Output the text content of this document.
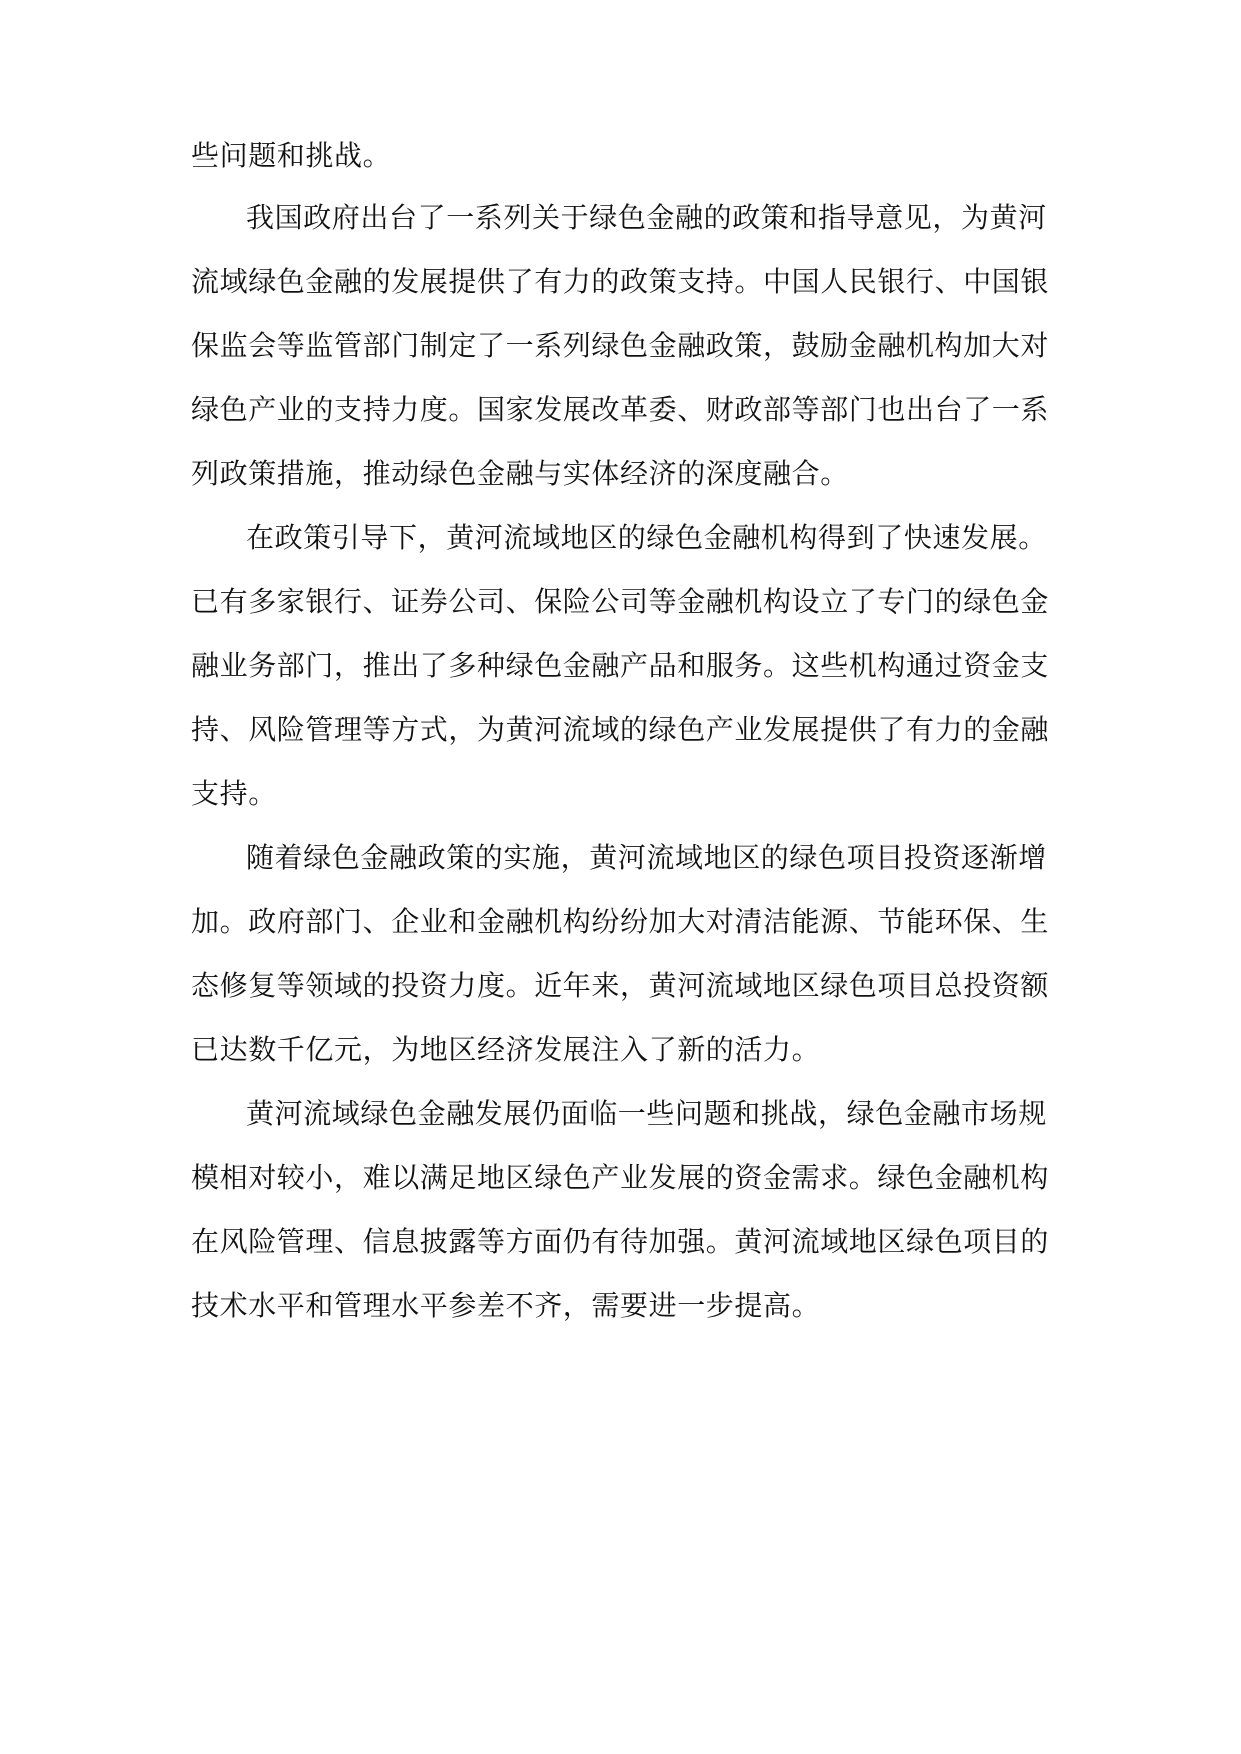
些问题和挑战。

我国政府出台了一系列关于绿色金融的政策和指导意见，为黄河

流域绿色金融的发展提供了有力的政策支持。中国人民银行、中国银

保监会等监管部门制定了一系列绿色金融政策，鼓励金融机构加大对

绿色产业的支持力度。国家发展改革委、财政部等部门也出台了一系

列政策措施，推动绿色金融与实体经济的深度融合。

在政策引导下，黄河流域地区的绿色金融机构得到了快速发展。

已有多家银行、证券公司、保险公司等金融机构设立了专门的绿色金

融业务部门，推出了多种绿色金融产品和服务。这些机构通过资金支

持、风险管理等方式，为黄河流域的绿色产业发展提供了有力的金融

支持。

随着绿色金融政策的实施，黄河流域地区的绿色项目投资逐渐增

加。政府部门、企业和金融机构纷纷加大对清洁能源、节能环保、生

态修复等领域的投资力度。近年来，黄河流域地区绿色项目总投资额

已达数千亿元，为地区经济发展注入了新的活力。

黄河流域绿色金融发展仍面临一些问题和挑战，绿色金融市场规

模相对较小，难以满足地区绿色产业发展的资金需求。绿色金融机构

在风险管理、信息披露等方面仍有待加强。黄河流域地区绿色项目的

技术水平和管理水平参差不齐，需要进一步提高。
